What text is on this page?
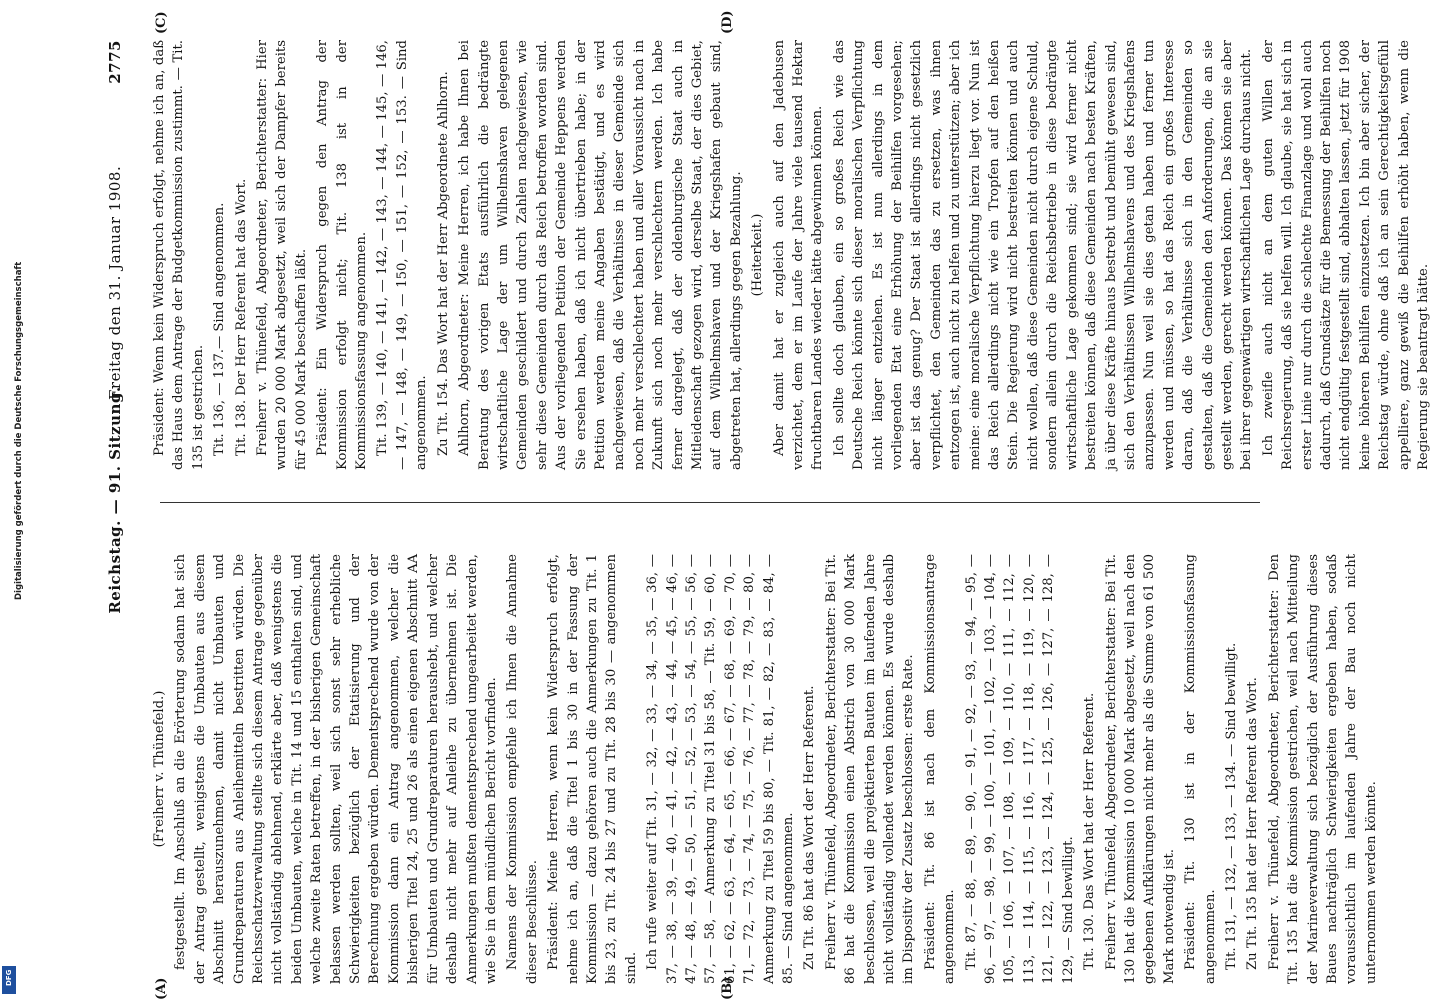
Digitalisierung gefördert durch die Deutsche Forschungsgemeinschaft
DFG
Reichstag. — 91. Sitzung.
2775
(A)	(B)
(C)	(D)

(Freiherr v. Thünefeld.) festgestellt. Im Anschluß an die Erörterung sodann hat sich der Antrag gestellt, wenigstens die Umbauten aus diesem Abschnitt herauszunehmen, damit nicht Umbauten und Grundreparaturen aus Anleihemitteln bestritten würden. Die Reichsschatzverwaltung stellte sich diesem Antrage gegenüber nicht vollständig ablehnend, erklärte aber, daß wenigstens die beiden Umbauten, welche in Tit. 14 und 15 enthalten sind, und welche zweite Raten betreffen, in der bisherigen Gemeinschaft belassen werden sollten, weil sich sonst sehr erhebliche Schwierigkeiten bezüglich der Etatisierung und der Berechnung ergeben würden. Dementsprechend wurde von der Kommission dann ein Antrag angenommen, welcher die bisherigen Titel 24, 25 und 26 als einen eigenen Abschnitt AA für Umbauten und Grundreparaturen heraushebt, und welcher deshalb nicht mehr auf Anleihe zu übernehmen ist. Die Anmerkungen mußten dementsprechend umgearbeitet werden, wie Sie in dem mündlichen Bericht vorfinden. Namens der Kommission empfehle ich Ihnen die Annahme dieser Beschlüsse. Präsident: Meine Herren, wenn kein Widerspruch erfolgt, nehme ich an, daß die Titel 1 bis 30 in der Fassung der Kommission — dazu gehören auch die Anmerkungen zu Tit. 1 bis 23, zu Tit. 24 bis 27 und zu Tit. 28 bis 30 — angenommen sind. Ich rufe weiter auf Tit. 31, — 32, — 33, — 34, — 35, — 36, — 37, — 38, — 39, — 40, — 41, — 42, — 43, — 44, — 45, — 46, — 47, — 48, — 49, — 50, — 51, — 52, — 53, — 54, — 55, — 56, — 57, — 58, — Anmerkung zu Titel 31 bis 58, — Tit. 59, — 60, — 61, — 62, — 63, — 64, — 65, — 66, — 67, — 68, — 69, — 70, — 71, — 72, — 73, — 74, — 75, — 76, — 77, — 78, — 79, — 80, — Anmerkung zu Titel 59 bis 80, — Tit. 81, — 82, — 83, — 84, — 85. — Sind angenommen. Zu Tit. 86 hat das Wort der Herr Referent. Freiherr v. Thünefeld, Abgeordneter, Berichterstatter: Bei Tit. 86 hat die Kommission einen Abstrich von 30 000 Mark beschlossen, weil die projektierten Bauten im laufenden Jahre nicht vollständig vollendet werden können. Es wurde deshalb im Dispositiv der Zusatz beschlossen: erste Rate. Präsident: Tit. 86 ist nach dem Kommissionsantrage angenommen. Tit. 87, — 88, — 89, — 90, — 91, — 92, — 93, — 94, — 95, — 96, — 97, — 98, — 99, — 100, — 101, — 102, — 103, — 104, — 105, — 106, — 107, — 108, — 109, — 110, — 111, — 112, — 113, — 114, — 115, — 116, — 117, — 118, — 119, — 120, — 121, — 122, — 123, — 124, — 125, — 126, — 127, — 128, — 129, — Sind bewilligt. Tit. 130. Das Wort hat der Herr Referent. Freiherr v. Thünefeld, Abgeordneter, Berichterstatter: Bei Tit. 130 hat die Kommission 10 000 Mark abgesetzt, weil nach den gegebenen Aufklärungen nicht mehr als die Summe von 61 500 Mark notwendig ist. Präsident: Tit. 130 ist in der Kommissionsfassung angenommen. Tit. 131, — 132, — 133, — 134. — Sind bewilligt. Zu Tit. 135 hat der Herr Referent das Wort. Freiherr v. Thünefeld, Abgeordneter, Berichterstatter: Den Tit. 135 hat die Kommission gestrichen, weil nach Mitteilung der Marineverwaltung sich bezüglich der Ausführung dieses Baues nachträglich Schwierigkeiten ergeben haben, sodaß voraussichtlich im laufenden Jahre der Bau noch nicht unternommen werden könnte.

Präsident: Wenn kein Widerspruch erfolgt, nehme ich an, daß das Haus dem Antrage der Budgetkommission zustimmt. — Tit. 135 ist gestrichen. Tit. 136, — 137.— Sind angenommen. Tit. 138. Der Herr Referent hat das Wort. Freiherr v. Thünefeld, Abgeordneter, Berichterstatter: Hier wurden 20 000 Mark abgesetzt, weil sich der Dampfer bereits für 45 000 Mark beschaffen läßt. Präsident: Ein Widerspruch gegen den Antrag der Kommission erfolgt nicht; Tit. 138 ist in der Kommissionsfassung angenommen. Tit. 139, — 140, — 141, — 142, — 143, — 144, — 145, — 146, — 147, — 148, — 149, — 150, — 151, — 152, — 153. — Sind angenommen. Zu Tit. 154. Das Wort hat der Herr Abgeordnete Ahlhorn. Ahlhorn, Abgeordneter: Meine Herren, ich habe Ihnen bei Beratung des vorigen Etats ausführlich die bedrängte wirtschaftliche Lage der um Wilhelmshaven gelegenen Gemeinden geschildert und durch Zahlen nachgewiesen, wie sehr diese Gemeinden durch das Reich betroffen worden sind. Aus der vorliegenden Petition der Gemeinde Heppens werden Sie ersehen haben, daß ich nicht übertrieben habe; in der Petition werden meine Angaben bestätigt, und es wird nachgewiesen, daß die Verhältnisse in dieser Gemeinde sich noch mehr verschlechtert haben und aller Voraussicht nach in Zukunft sich noch mehr verschlechtern werden. Ich habe ferner dargelegt, daß der oldenburgische Staat auch in Mitleidenschaft gezogen wird, derselbe Staat, der dies Gebiet, auf dem Wilhelmshaven und der Kriegshafen gebaut sind, abgetreten hat, allerdings gegen Bezahlung. (Heiterkeit.) Aber damit hat er zugleich auch auf den Jadebusen verzichtet, dem er im Laufe der Jahre viele tausend Hektar fruchtbaren Landes wieder hätte abgewinnen können. Ich sollte doch glauben, ein so großes Reich wie das Deutsche Reich könnte sich dieser moralischen Verpflichtung nicht länger entziehen. Es ist nun allerdings in dem vorliegenden Etat eine Erhöhung der Beihilfen vorgesehen; aber ist das genug? Der Staat ist allerdings nicht gesetzlich verpflichtet, den Gemeinden das zu ersetzen, was ihnen entzogen ist, auch nicht zu helfen und zu unterstützen; aber ich meine: eine moralische Verpflichtung hierzu liegt vor. Nun ist das Reich allerdings nicht wie ein Tropfen auf den heißen Stein. Die Regierung wird nicht bestreiten können und auch nicht wollen, daß diese Gemeinden nicht durch eigene Schuld, sondern allein durch die Reichsbetriebe in diese bedrängte wirtschaftliche Lage gekommen sind; sie wird ferner nicht bestreiten können, daß diese Gemeinden nach besten Kräften, ja über diese Kräfte hinaus bestrebt und bemüht gewesen sind, sich den Verhältnissen Wilhelmshavens und des Kriegshafens anzupassen. Nun weil sie dies getan haben und ferner tun werden und müssen, so hat das Reich ein großes Interesse daran, daß die Verhältnisse sich in den Gemeinden so gestalten, daß die Gemeinden den Anforderungen, die an sie gestellt werden, gerecht werden können. Das können sie aber bei ihrer gegenwärtigen wirtschaftlichen Lage durchaus nicht. Ich zweifle auch nicht an dem guten Willen der Reichsregierung, daß sie helfen will. Ich glaube, sie hat sich in erster Linie nur durch die schlechte Finanzlage und wohl auch dadurch, daß Grundsätze für die Bemessung der Beihilfen noch nicht endgültig festgestellt sind, abhalten lassen, jetzt für 1908 keine höheren Beihilfen einzusetzen. Ich bin aber sicher, der Reichstag würde, ohne daß ich an sein Gerechtigkeitsgefühl appelliere, ganz gewiß die Beihilfen erhöht haben, wenn die Regierung sie beantragt hätte.

Freitag den 31. Januar 1908.
